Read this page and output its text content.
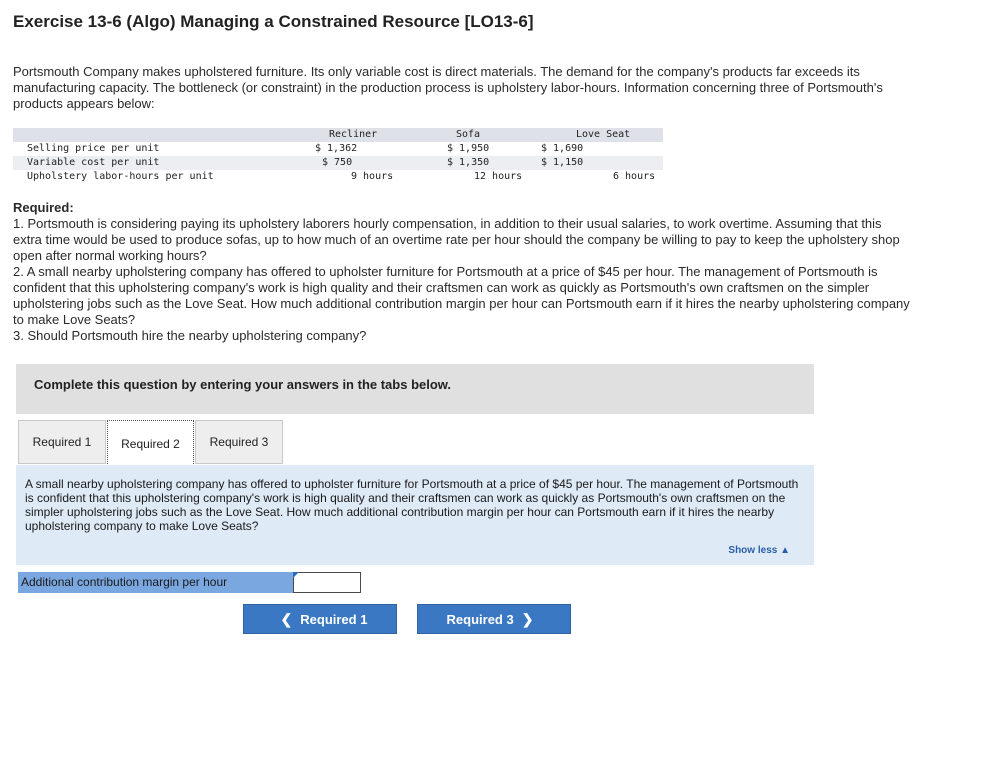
Exercise 13-6 (Algo) Managing a Constrained Resource [LO13-6]
Portsmouth Company makes upholstered furniture. Its only variable cost is direct materials. The demand for the company's products far exceeds its manufacturing capacity. The bottleneck (or constraint) in the production process is upholstery labor-hours. Information concerning three of Portsmouth's products appears below:
	Recliner	Sofa	Love Seat
Selling price per unit	$ 1,362	$ 1,950	$ 1,690
Variable cost per unit	$ 750	$ 1,350	$ 1,150
Upholstery labor-hours per unit	9 hours	12 hours	6 hours
Required:
1. Portsmouth is considering paying its upholstery laborers hourly compensation, in addition to their usual salaries, to work overtime. Assuming that this extra time would be used to produce sofas, up to how much of an overtime rate per hour should the company be willing to pay to keep the upholstery shop open after normal working hours?
2. A small nearby upholstering company has offered to upholster furniture for Portsmouth at a price of $45 per hour. The management of Portsmouth is confident that this upholstering company's work is high quality and their craftsmen can work as quickly as Portsmouth's own craftsmen on the simpler upholstering jobs such as the Love Seat. How much additional contribution margin per hour can Portsmouth earn if it hires the nearby upholstering company to make Love Seats?
3. Should Portsmouth hire the nearby upholstering company?
Complete this question by entering your answers in the tabs below.
Required 1	Required 2	Required 3
A small nearby upholstering company has offered to upholster furniture for Portsmouth at a price of $45 per hour. The management of Portsmouth is confident that this upholstering company's work is high quality and their craftsmen can work as quickly as Portsmouth's own craftsmen on the simpler upholstering jobs such as the Love Seat. How much additional contribution margin per hour can Portsmouth earn if it hires the nearby upholstering company to make Love Seats?
Show less ▲
Additional contribution margin per hour
❮ Required 1	Required 3 ❯
